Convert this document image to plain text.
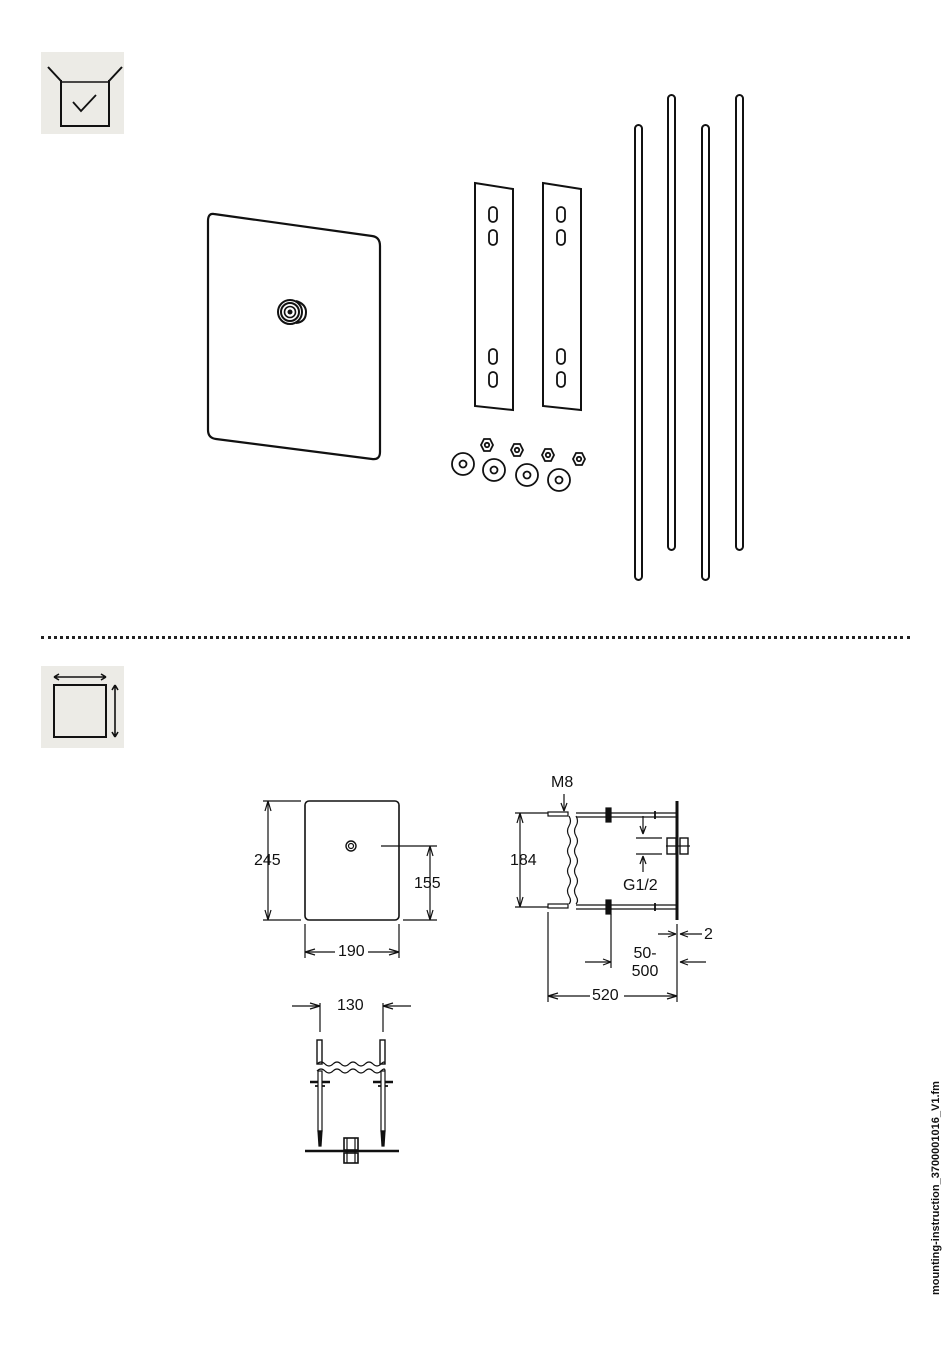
245
155
190
130
M8
184
G1/2
2
50-
500
520
mounting-instruction_3700001016_V1.fm
